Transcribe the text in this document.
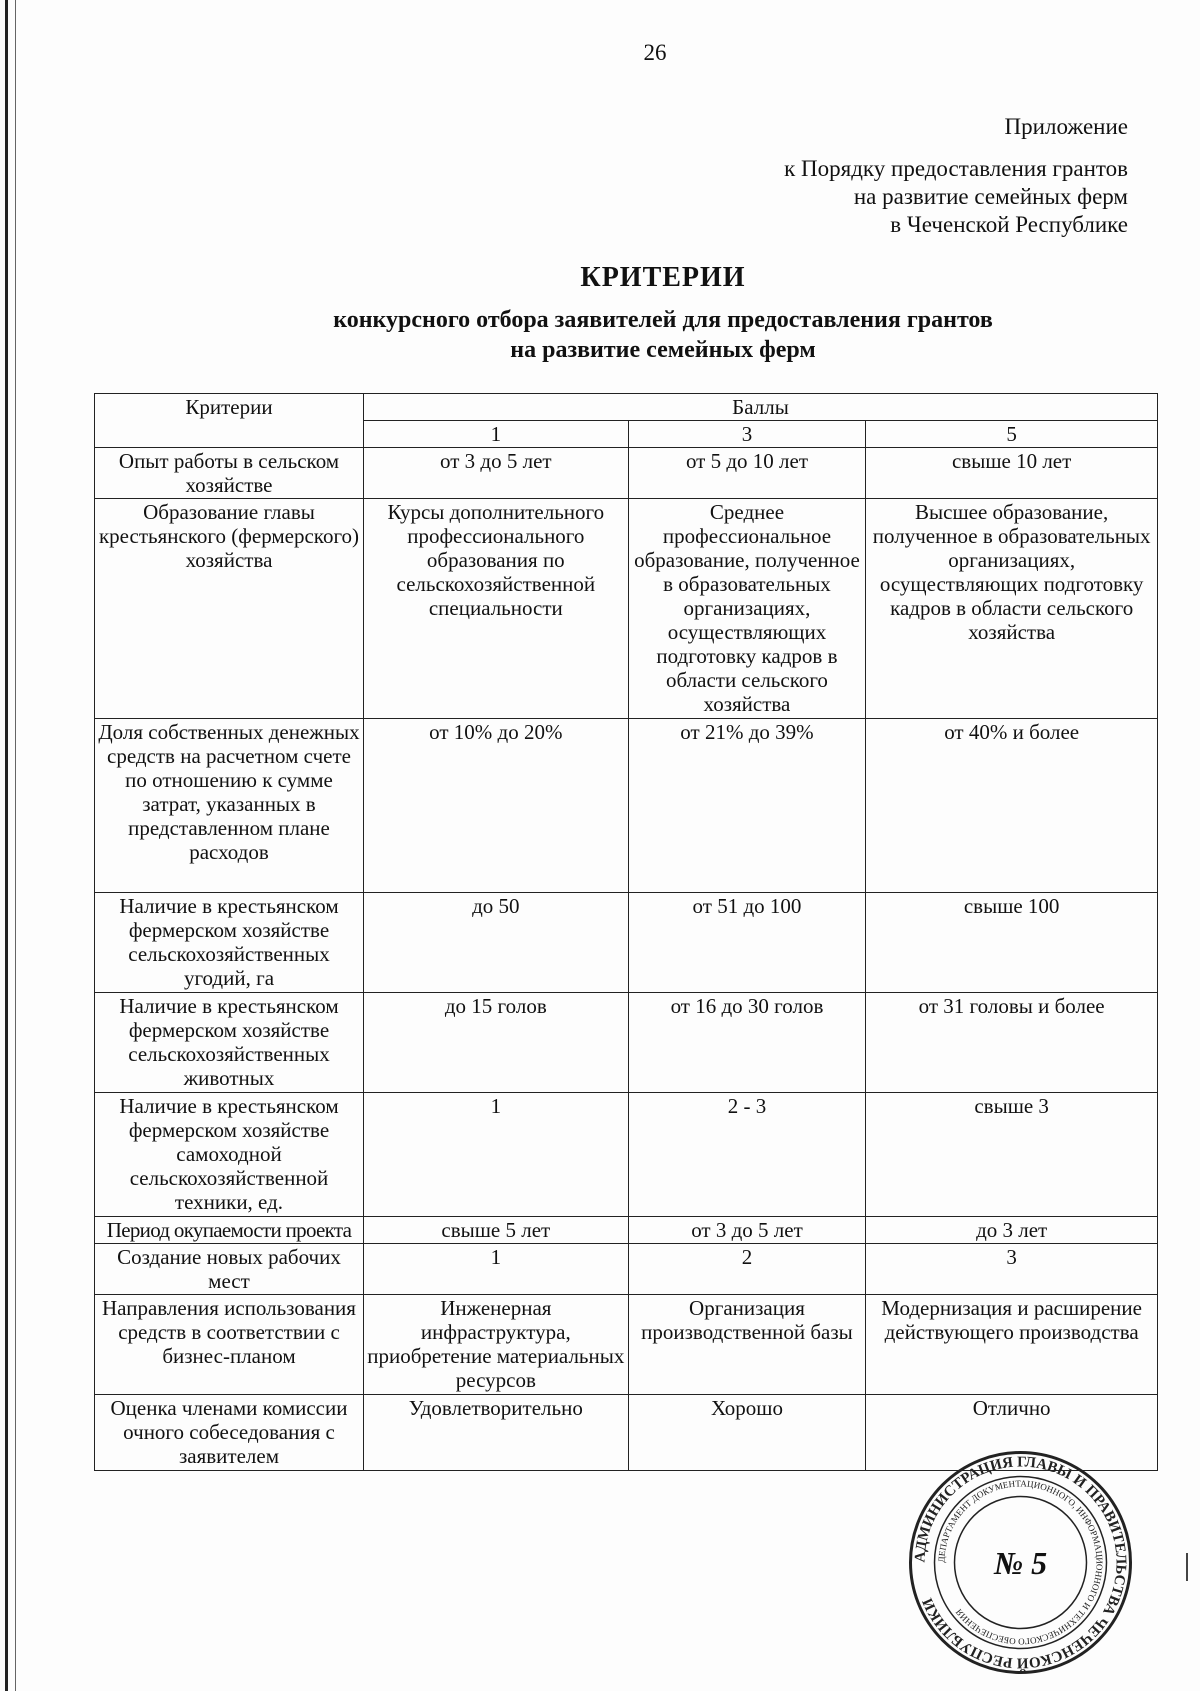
26
Приложение
к Порядку предоставления грантов
на развитие семейных ферм
в Чеченской Республике
КРИТЕРИИ
конкурсного отбора заявителей для предоставления грантов
на развитие семейных ферм
Критерии	Баллы		
	1	3	5
Опыт работы в сельском хозяйстве	от 3 до 5 лет	от 5 до 10 лет	свыше 10 лет
Образование главы крестьянского (фермерского) хозяйства	Курсы дополнительного профессионального образования по сельскохозяйственной специальности	Среднее профессиональное образование, полученное в образовательных организациях, осуществляющих подготовку кадров в области сельского хозяйства	Высшее образование, полученное в образовательных организациях, осуществляющих подготовку кадров в области сельского хозяйства
Доля собственных денежных средств на расчетном счете по отношению к сумме затрат, указанных в представленном плане расходов	от 10% до 20%	от 21% до 39%	от 40% и более
Наличие в крестьянском фермерском хозяйстве сельскохозяйственных угодий, га	до 50	от 51 до 100	свыше 100
Наличие в крестьянском фермерском хозяйстве сельскохозяйственных животных	до 15 голов	от 16 до 30 голов	от 31 головы и более
Наличие в крестьянском фермерском хозяйстве самоходной сельскохозяйственной техники, ед.	1	2 - 3	свыше 3
Период окупаемости проекта	свыше 5 лет	от 3 до 5 лет	до 3 лет
Создание новых рабочих мест	1	2	3
Направления использования средств в соответствии с бизнес-планом	Инженерная инфраструктура, приобретение материальных ресурсов	Организация производственной базы	Модернизация и расширение действующего производства
Оценка членами комиссии очного собеседования с заявителем	Удовлетворительно	Хорошо	Отлично
АДМИНИСТРАЦИЯ ГЛАВЫ И ПРАВИТЕЛЬСТВА ЧЕЧЕНСКОЙ РЕСПУБЛИКИ
ДЕПАРТАМЕНТ ДОКУМЕНТАЦИОННОГО, ИНФОРМАЦИОННОГО И ТЕХНИЧЕСКОГО ОБЕСПЕЧЕНИЯ
№ 5
